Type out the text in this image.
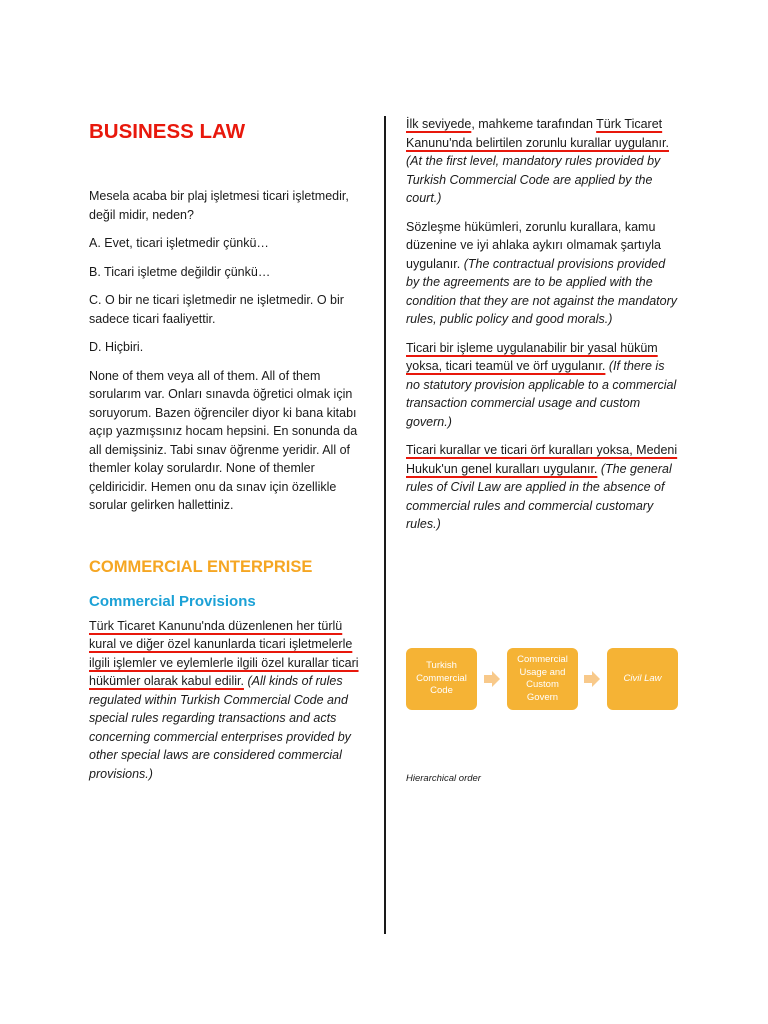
BUSINESS LAW

Mesela acaba bir plaj işletmesi ticari işletmedir, değil midir, neden?

A. Evet, ticari işletmedir çünkü…

B. Ticari işletme değildir çünkü…

C. O bir ne ticari işletmedir ne işletmedir. O bir sadece ticari faaliyettir.

D. Hiçbiri.

None of them veya all of them. All of them sorularım var. Onları sınavda öğretici olmak için soruyorum. Bazen öğrenciler diyor ki bana kitabı açıp yazmışsınız hocam hepsini. En sonunda da all demişsiniz. Tabi sınav öğrenme yeridir. All of themler kolay sorulardır. None of themler çeldiricidir. Hemen onu da sınav için özellikle sorular gelirken hallettiniz.

COMMERCIAL ENTERPRISE
Commercial Provisions

Türk Ticaret Kanunu'nda düzenlenen her türlü kural ve diğer özel kanunlarda ticari işletmelerle ilgili işlemler ve eylemlerle ilgili özel kurallar ticari hükümler olarak kabul edilir. (All kinds of rules regulated within Turkish Commercial Code and special rules regarding transactions and acts concerning commercial enterprises provided by other special laws are considered commercial provisions.)

İlk seviyede, mahkeme tarafından Türk Ticaret Kanunu'nda belirtilen zorunlu kurallar uygulanır. (At the first level, mandatory rules provided by Turkish Commercial Code are applied by the court.)

Sözleşme hükümleri, zorunlu kurallara, kamu düzenine ve iyi ahlaka aykırı olmamak şartıyla uygulanır. (The contractual provisions provided by the agreements are to be applied with the condition that they are not against the mandatory rules, public policy and good morals.)

Ticari bir işleme uygulanabilir bir yasal hüküm yoksa, ticari teamül ve örf uygulanır. (If there is no statutory provision applicable to a commercial transaction commercial usage and custom govern.)

Ticari kurallar ve ticari örf kuralları yoksa, Medeni Hukuk'un genel kuralları uygulanır. (The general rules of Civil Law are applied in the absence of commercial rules and commercial customary rules.)

Turkish Commercial Code
Commercial Usage and Custom Govern
Civil Law
Hierarchical order
